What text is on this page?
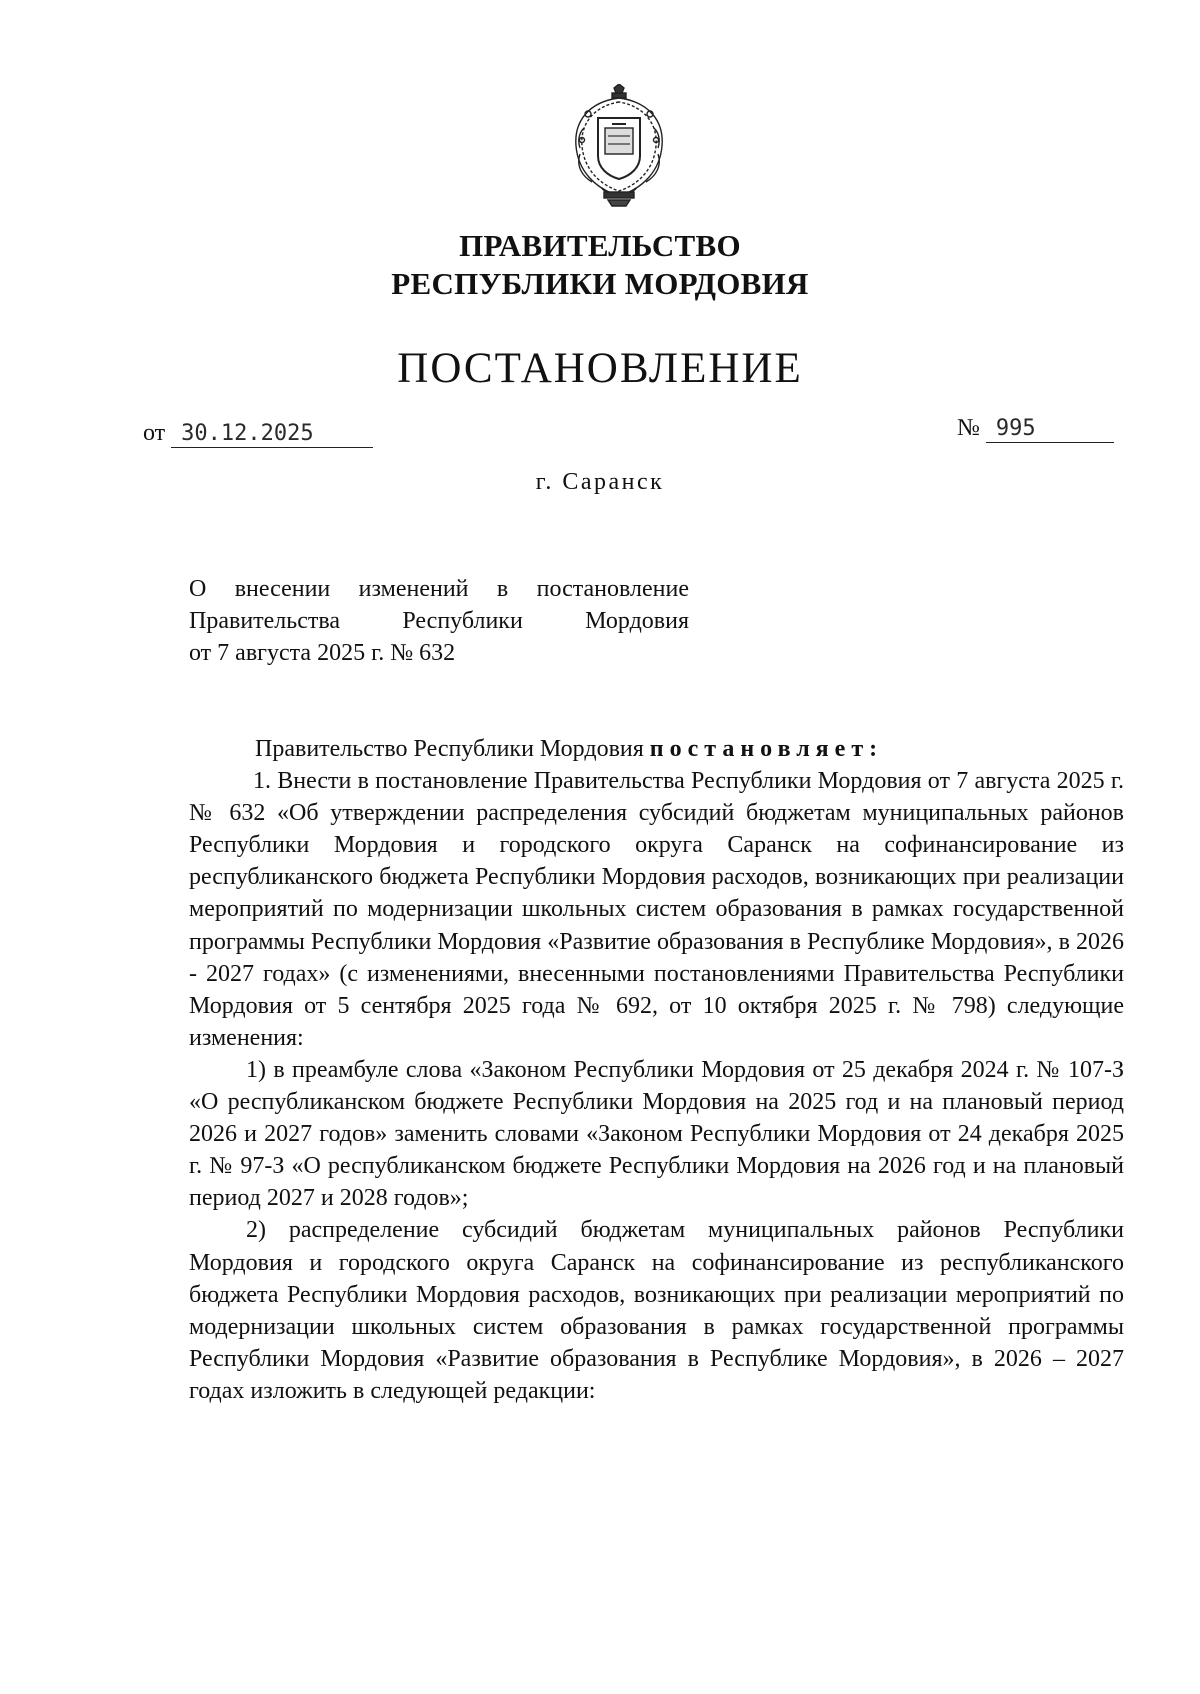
ПРАВИТЕЛЬСТВО
РЕСПУБЛИКИ МОРДОВИЯ
ПОСТАНОВЛЕНИЕ
от 30.12.2025	№ 995
г. Саранск
О внесении изменений в постановление
Правительства Республики Мордовия
от 7 августа 2025 г. № 632

Правительство Республики Мордовия постановляет:

1. Внести в постановление Правительства Республики Мордовия от 7 августа 2025 г. № 632 «Об утверждении распределения субсидий бюджетам муниципальных районов Республики Мордовия и городского округа Саранск на софинансирование из республиканского бюджета Республики Мордовия расходов, возникающих при реализации мероприятий по модернизации школьных систем образования в рамках государственной программы Республики Мордовия «Развитие образования в Республике Мордовия», в 2026 - 2027 годах» (с изменениями, внесенными постановлениями Правительства Республики Мордовия от 5 сентября 2025 года № 692, от 10 октября 2025 г. № 798) следующие изменения:

1) в преамбуле слова «Законом Республики Мордовия от 25 декабря 2024 г. № 107-З «О республиканском бюджете Республики Мордовия на 2025 год и на плановый период 2026 и 2027 годов» заменить словами «Законом Республики Мордовия от 24 декабря 2025 г. № 97-З «О республиканском бюджете Республики Мордовия на 2026 год и на плановый период 2027 и 2028 годов»;

2) распределение субсидий бюджетам муниципальных районов Республики Мордовия и городского округа Саранск на софинансирование из республиканского бюджета Республики Мордовия расходов, возникающих при реализации мероприятий по модернизации школьных систем образования в рамках государственной программы Республики Мордовия «Развитие образования в Республике Мордовия», в 2026 – 2027 годах изложить в следующей редакции:
